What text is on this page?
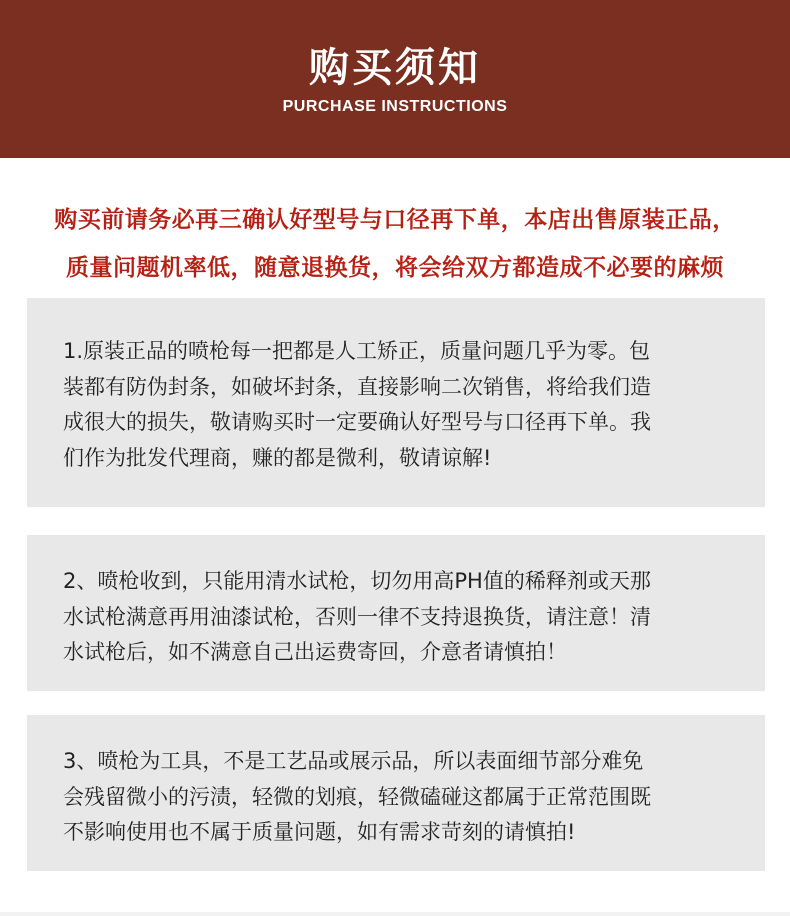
购买须知
PURCHASE INSTRUCTIONS
购买前请务必再三确认好型号与口径再下单，本店出售原装正品，
质量问题机率低，随意退换货，将会给双方都造成不必要的麻烦

1.原装正品的喷枪每一把都是人工矫正，质量问题几乎为零。包

装都有防伪封条，如破坏封条，直接影响二次销售，将给我们造

成很大的损失，敬请购买时一定要确认好型号与口径再下单。我

们作为批发代理商，赚的都是微利，敬请谅解!

2、喷枪收到，只能用清水试枪，切勿用高PH值的稀释剂或天那

水试枪满意再用油漆试枪，否则一律不支持退换货，请注意！清

水试枪后，如不满意自己出运费寄回，介意者请慎拍！

3、喷枪为工具，不是工艺品或展示品，所以表面细节部分难免

会残留微小的污渍，轻微的划痕，轻微磕碰这都属于正常范围既

不影响使用也不属于质量问题，如有需求苛刻的请慎拍!
